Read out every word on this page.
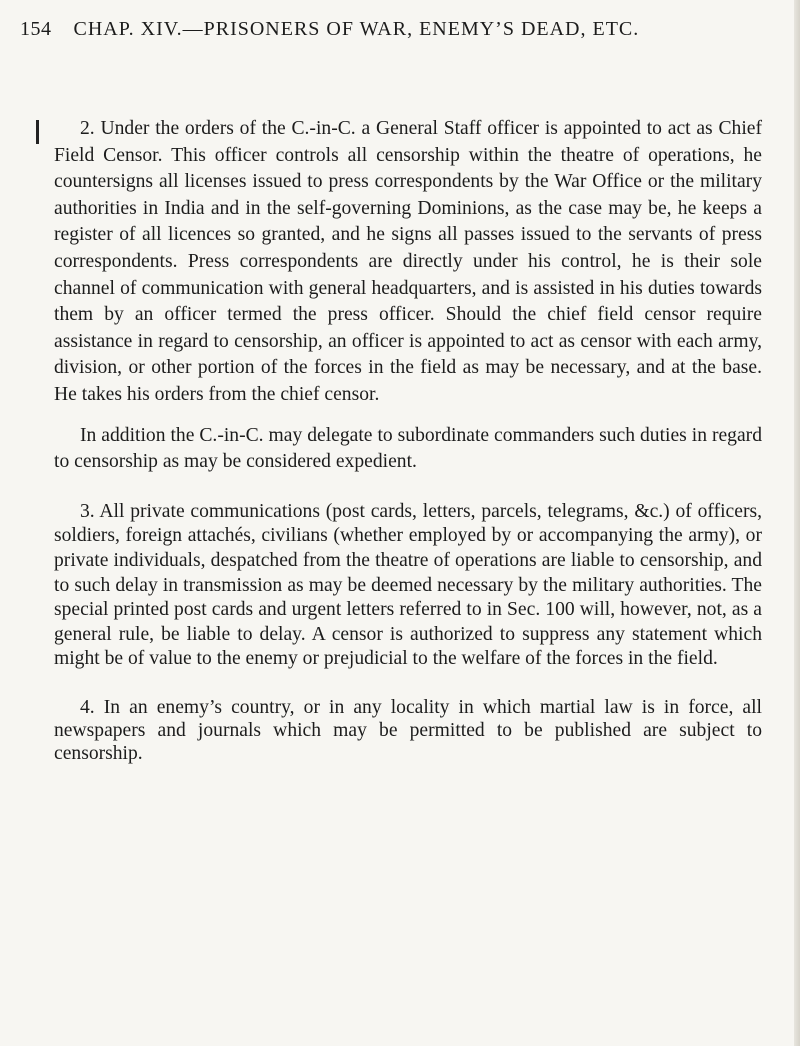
154 CHAP. XIV.—PRISONERS OF WAR, ENEMY’S DEAD, ETC.

2. Under the orders of the C.-in-C. a General Staff officer is appointed to act as Chief Field Censor. This officer controls all censorship within the theatre of operations, he countersigns all licenses issued to press correspondents by the War Office or the military authorities in India and in the self-governing Dominions, as the case may be, he keeps a register of all licences so granted, and he signs all passes issued to the servants of press correspondents. Press correspondents are directly under his control, he is their sole channel of communication with general headquarters, and is assisted in his duties towards them by an officer termed the press officer. Should the chief field censor require assistance in regard to censorship, an officer is appointed to act as censor with each army, division, or other portion of the forces in the field as may be necessary, and at the base. He takes his orders from the chief censor.

In addition the C.-in-C. may delegate to subordinate commanders such duties in regard to censorship as may be considered expedient.

3. All private communications (post cards, letters, parcels, telegrams, &c.) of officers, soldiers, foreign attachés, civilians (whether employed by or accompanying the army), or private individuals, despatched from the theatre of operations are liable to censorship, and to such delay in transmission as may be deemed necessary by the military authorities. The special printed post cards and urgent letters referred to in Sec. 100 will, however, not, as a general rule, be liable to delay. A censor is authorized to suppress any statement which might be of value to the enemy or prejudicial to the welfare of the forces in the field.

4. In an enemy’s country, or in any locality in which martial law is in force, all newspapers and journals which may be permitted to be published are subject to censorship.
